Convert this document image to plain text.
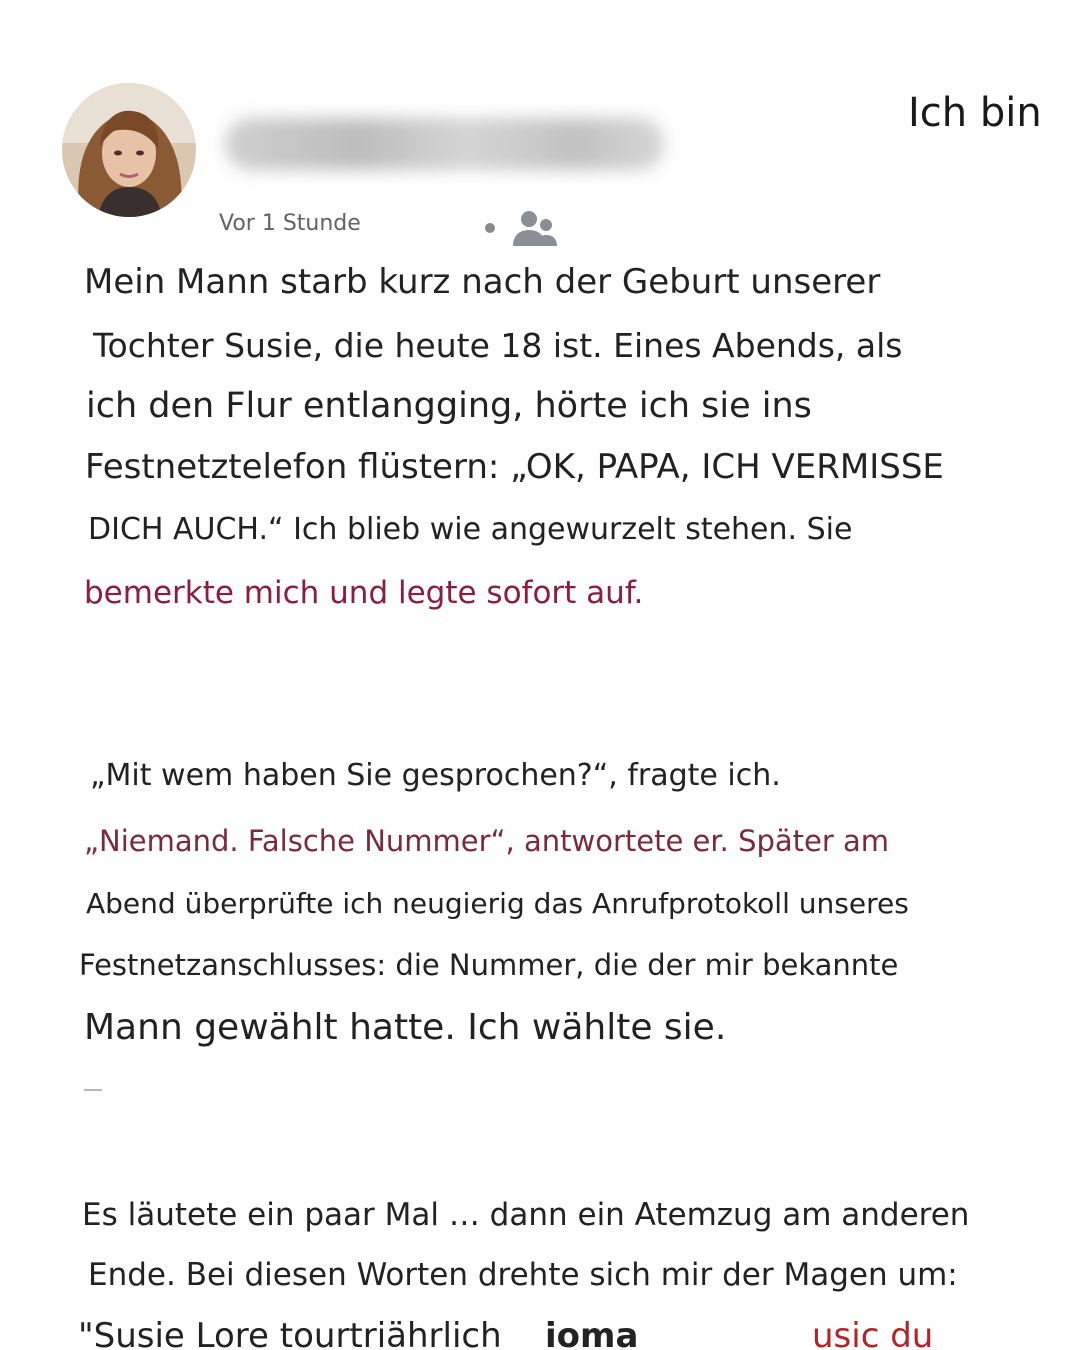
Ich bin
Vor 1 Stunde
Mein Mann starb kurz nach der Geburt unserer
Tochter Susie, die heute 18 ist. Eines Abends, als
ich den Flur entlangging, hörte ich sie ins
Festnetztelefon flüstern: „OK, PAPA, ICH VERMISSE
DICH AUCH.“ Ich blieb wie angewurzelt stehen. Sie
bemerkte mich und legte sofort auf.
„Mit wem haben Sie gesprochen?“, fragte ich.
„Niemand. Falsche Nummer“, antwortete er. Später am
Abend überprüfte ich neugierig das Anrufprotokoll unseres
Festnetzanschlusses: die Nummer, die der mir bekannte
Mann gewählt hatte. Ich wählte sie.
Es läutete ein paar Mal … dann ein Atemzug am anderen
Ende. Bei diesen Worten drehte sich mir der Magen um:
"Susie Lore tourtriährlich ioma	usic du
